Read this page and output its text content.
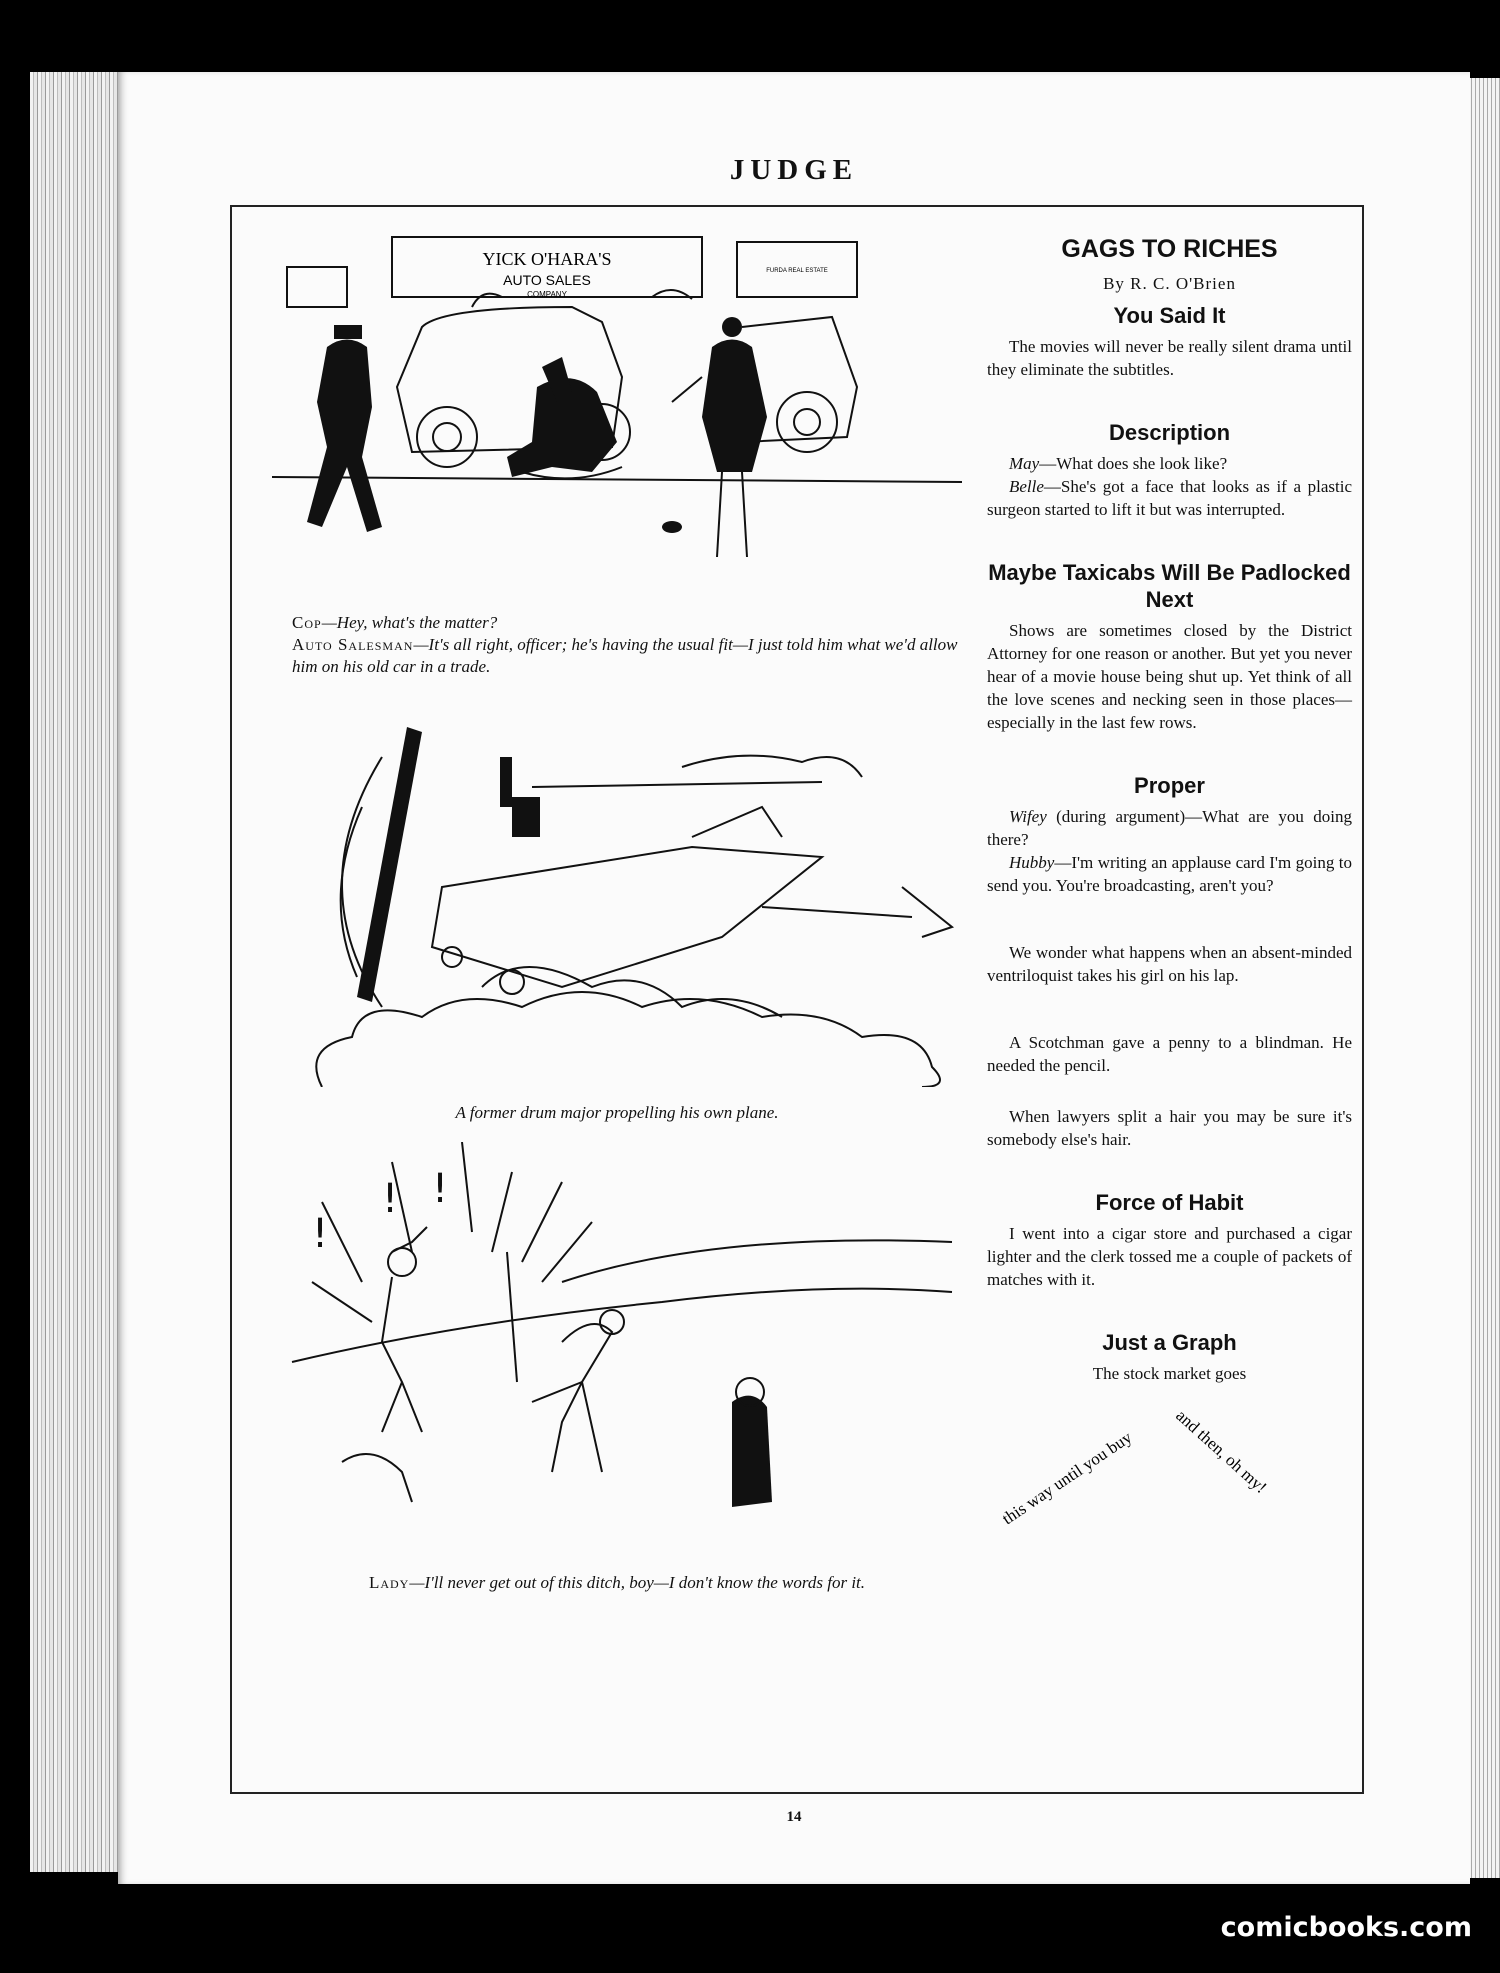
JUDGE
YICK O'HARA'S
AUTO SALES
COMPANY
FURDA REAL ESTATE
Cop—Hey, what's the matter?
Auto Salesman—It's all right, officer; he's having the usual fit—I just told him what we'd allow him on his old car in a trade.
A former drum major propelling his own plane.
!
! !
Lady—I'll never get out of this ditch, boy—I don't know the words for it.
GAGS TO RICHES
By R. C. O'Brien
You Said It

The movies will never be really silent drama until they eliminate the subtitles.

Description

May—What does she look like?

Belle—She's got a face that looks as if a plastic surgeon started to lift it but was interrupted.

Maybe Taxicabs Will Be Padlocked Next

Shows are sometimes closed by the District Attorney for one reason or another. But yet you never hear of a movie house being shut up. Yet think of all the love scenes and necking seen in those places—especially in the last few rows.

Proper

Wifey (during argument)—What are you doing there?

Hubby—I'm writing an applause card I'm going to send you. You're broadcasting, aren't you?

We wonder what happens when an absent-minded ventriloquist takes his girl on his lap.

A Scotchman gave a penny to a blindman. He needed the pencil.

When lawyers split a hair you may be sure it's somebody else's hair.

Force of Habit

I went into a cigar store and purchased a cigar lighter and the clerk tossed me a couple of packets of matches with it.

Just a Graph

The stock market goes

this way until you buy and then, oh my!
14
comicbooks.com
